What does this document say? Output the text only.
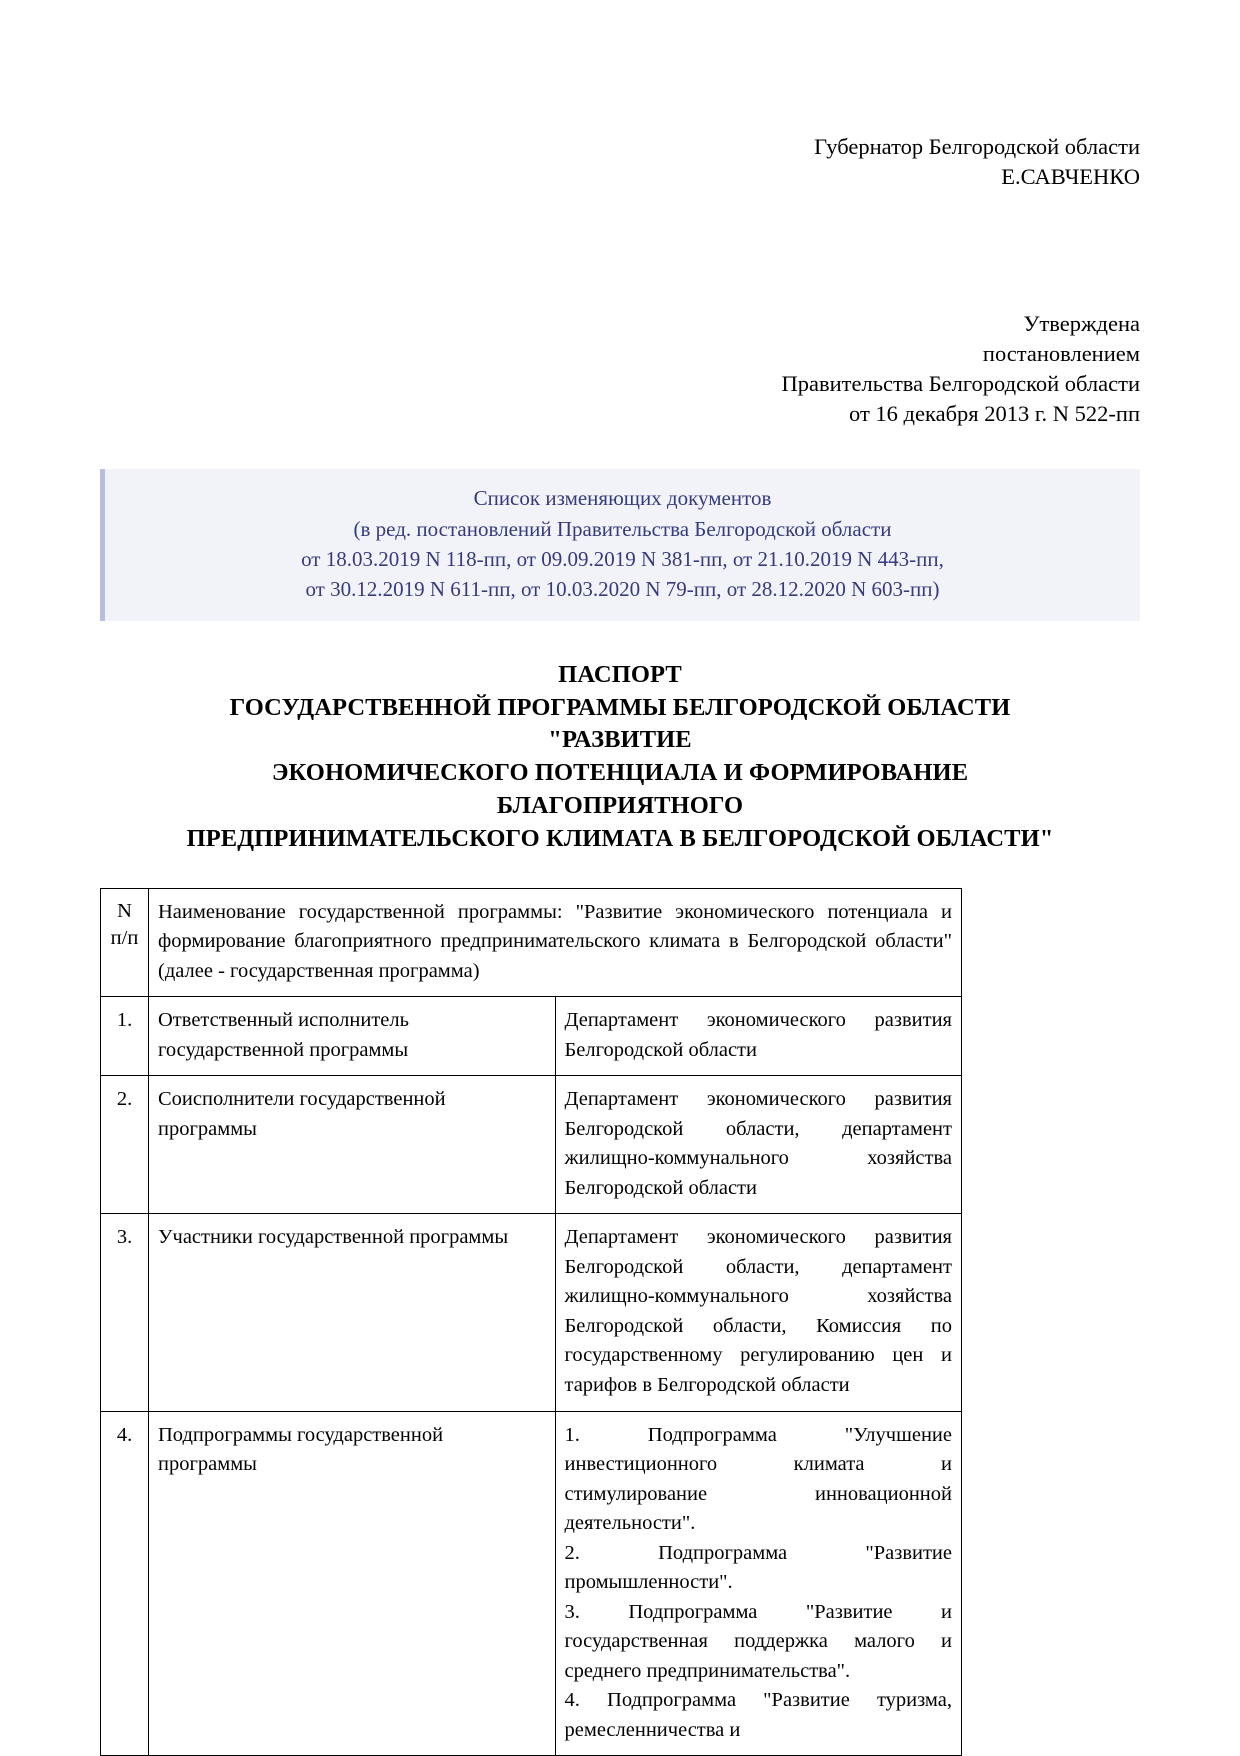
Губернатор Белгородской области
Е.САВЧЕНКО
Утверждена
постановлением
Правительства Белгородской области
от 16 декабря 2013 г. N 522-пп
Список изменяющих документов
(в ред. постановлений Правительства Белгородской области
от 18.03.2019 N 118-пп, от 09.09.2019 N 381-пп, от 21.10.2019 N 443-пп,
от 30.12.2019 N 611-пп, от 10.03.2020 N 79-пп, от 28.12.2020 N 603-пп)
ПАСПОРТ
ГОСУДАРСТВЕННОЙ ПРОГРАММЫ БЕЛГОРОДСКОЙ ОБЛАСТИ
"РАЗВИТИЕ
ЭКОНОМИЧЕСКОГО ПОТЕНЦИАЛА И ФОРМИРОВАНИЕ
БЛАГОПРИЯТНОГО
ПРЕДПРИНИМАТЕЛЬСКОГО КЛИМАТА В БЕЛГОРОДСКОЙ ОБЛАСТИ"
N
п/п	Наименование государственной программы: "Развитие экономического потенциала и формирование благоприятного предпринимательского климата в Белгородской области" (далее - государственная программа)	
1.	Ответственный исполнитель государственной программы	Департамент экономического развития Белгородской области
2.	Соисполнители государственной программы	Департамент экономического развития Белгородской области, департамент жилищно-коммунального хозяйства Белгородской области
3.	Участники государственной программы	Департамент экономического развития Белгородской области, департамент жилищно-коммунального хозяйства Белгородской области, Комиссия по государственному регулированию цен и тарифов в Белгородской области
4.	Подпрограммы государственной программы	1. Подпрограмма "Улучшение инвестиционного климата и стимулирование инновационной деятельности".
2. Подпрограмма "Развитие промышленности".
3. Подпрограмма "Развитие и государственная поддержка малого и среднего предпринимательства".
4. Подпрограмма "Развитие туризма, ремесленничества и
